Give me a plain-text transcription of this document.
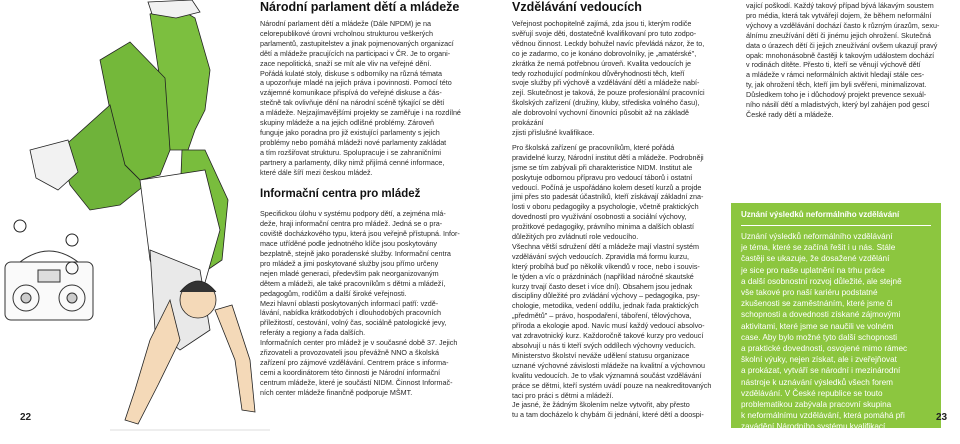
Národní parlament dětí a mládeže

Národní parlament dětí a mládeže (Dále NPDM) je na
celorepublikové úrovni vrcholnou strukturou veškerých
parlamentů, zastupitelstev a jinak pojmenovaných organizací
dětí a mládeže pracujících na participaci v ČR. Je to organi-
zace nepolitická, snaží se mít ale vliv na veřejné dění.
Pořádá kulaté stoly, diskuse s odborníky na různá témata
a upozorňuje mladé na jejich práva i povinnosti. Pomocí této
vzájemné komunikace přispívá do veřejné diskuse a čás-
stečně tak ovlivňuje dění na národní scéně týkající se dětí
a mládeže. Nejzajímavějšími projekty se zaměřuje i na rozdílné
skupiny mládeže a na jejich odlišné problémy. Zároveň
funguje jako poradna pro již existující parlamenty s jejich
problémy nebo pomáhá mládeži nové parlamenty zakládat
a tím rozšiřovat strukturu. Spolupracuje i se zahraničními
partnery a parlamenty, díky nimž přijímá cenné informace,
které dále šíří mezi českou mládež.

Informační centra pro mládež

Specifickou úlohu v systému podpory dětí, a zejména mlá-
deže, hraji informační centra pro mládež. Jedná se o pra-
coviště docházkového typu, která jsou veřejně přístupná. Infor-
mace utříděné podle jednotného klíče jsou poskytovány
bezplatně, stejně jako poradenské služby. Informační centra
pro mládež a jimi poskytované služby jsou přímo určeny
nejen mladé generaci, především pak neorganizovaným
dětem a mládeži, ale také pracovníkům s dětmi a mládeží,
pedagogům, rodičům a další široké veřejnosti.
Mezi hlavní oblasti poskytovaných informací patří: vzdě-
lávání, nabídka krátkodobých i dlouhodobých pracovních
příležitostí, cestování, volný čas, sociálně patologické jevy,
referáty a regiony a řada dalších.
Informačních center pro mládež je v současné době 37. Jejich
zřizovateli a provozovateli jsou převážně NNO a školská
zařízení pro zájmové vzdělávání. Centrem práce s informa-
cemi a koordinátorem této činnosti je Národní informační
centrum mládeže, které je součástí NIDM. Činnost Informač-
ních center mládeže finančně podporuje MŠMT.

22
Vzdělávání vedoucích

Veřejnost pochopitelně zajímá, zda jsou ti, kterým rodiče
svěřují svoje děti, dostatečně kvalifikovaní pro tuto zodpo-
vědnou činnost. Leckdy bohužel navíc převládá názor, že to,
co je zadarmo, co je konáno dobrovolníky, je „amatérské",
zkrátka že nemá potřebnou úroveň. Kvalita vedoucích je
tedy rozhodující podmínkou důvěryhodnosti těch, kteří
svoje služby při výchově a vzdělávání dětí a mládeže nabí-
zejí. Skutečnost je taková, že pouze profesionální pracovníci
školských zařízení (družiny, kluby, střediska volného času),
ale dobrovolní vychovní činovníci působit až na základě prokázání
zjisti příslušné kvalifikace.

Pro školská zařízení ge pracovníkům, které pořádá
pravidelné kurzy, Národní institut dětí a mládeže. Podrobněji
jsme se tím zabývali při charakteristice NIDM. Institut ale
poskytuje odbornou přípravu pro vedoucí táborů i ostatní
vedoucí. Počíná je uspořádáno kolem desetí kurzů a projde
jimi přes sto padesát účastníků, kteří získávají základní zna-
losti v oboru pedagogiky a psychologie, včetně praktických
dovedností pro využívání osobnosti a sociální výchovy,
prožitkové pedagogiky, právního minima a dalších oblastí
důležitých pro zvládnutí role vedoucího.
Všechna větší sdružení dětí a mládeže mají vlastní systém
vzdělávání svých vedoucích. Zpravidla má formu kurzu,
který probíhá buď po několik víkendů v roce, nebo i souvis-
le týden a víc o prázdninách (například náročné skautské
kurzy trvají často deset i více dní). Obsahem jsou jednak
discipliny důležité pro zvládání výchovy – pedagogika, psy-
chologie, metodika, vedení oddílu, jednak řada praktických
„předmětů" – právo, hospodaření, táboření, tělovýchova,
přírodа a ekologie apod. Navíc musí každý vedoucí absolvo-
vat zdravotnický kurz. Každoročně takové kurzy pro vedoucí
absolvují u nás ti kteří svých oddílech výchovny veducích.
Ministerstvo školství neváže udělení statusu organizace
uznané výchovné závislosti mládeže na kvalitní a výchovnou
kvalitu vedoucích. Je to však významná součást vzdělávání
práce se dětmi, kteří systém uvádí pouze na neakreditovaných
taci pro práci s dětmi a mládeží.
Je jasné, že žádným školením nelze vytvořit, aby přesto
tu a tam docházelo k chybám či jednání, které dětí a doospi-

vající poškodí. Každý takový případ bývá lákavým soustem
pro média, která tak vytvářejí dojem, že během neformální
výchovy a vzdělávání dochází často k různým úrazům, sexu-
álnímu zneužívání dětí či jinému jejich ohrožení. Skutečná
data o úrazech dětí či jejich zneužívání ovšem ukazují pravý
opak: mnohonásobně častěji k takovým událostem dochází
v rodinách dítěte. Přesto ti, kteří se věnují výchově dětí
a mládeže v rámci neformálních aktivit hledají stále ces-
ty, jak ohrožení těch, kteří jim byli svěřeni, minimalizovat.
Důsledkem toho je i důchodový projekt prevence sexuál-
ního násilí dětí a mladistvých, který byl zahájen pod gescí
České rady dětí a mládeže.

Uznání výsledků neformálního vzdělávání
Uznání výsledků neformálního vzdělávání
je téma, které se začíná řešit i u nás. Stále
častěji se ukazuje, že dosažené vzdělání
je sice pro naše uplatnění na trhu práce
a další osobnostní rozvoj důležité, ale stejně
vše takové pro naší kariéru podstatné
zkušenosti se zaměstnáním, které jsme či
schopnosti a dovednosti získané zájmovými
aktivitami, které jsme se naučili ve volném
case. Aby bylo možné tyto další schopnosti
a praktické dovednosti, osvojené mimo rámec
školní výuky, nejen získat, ale i zveřejňovat
a prokázat, vytváří se národní i mezinárodní
nástroje k uznávání výsledků všech forem
vzdělávání. V České republice se touto
problematikou zabývala pracovní skupina
k neformálnímu vzdělávání, která pomáhá při
zavádění Národního systému kvalifikací.
23
